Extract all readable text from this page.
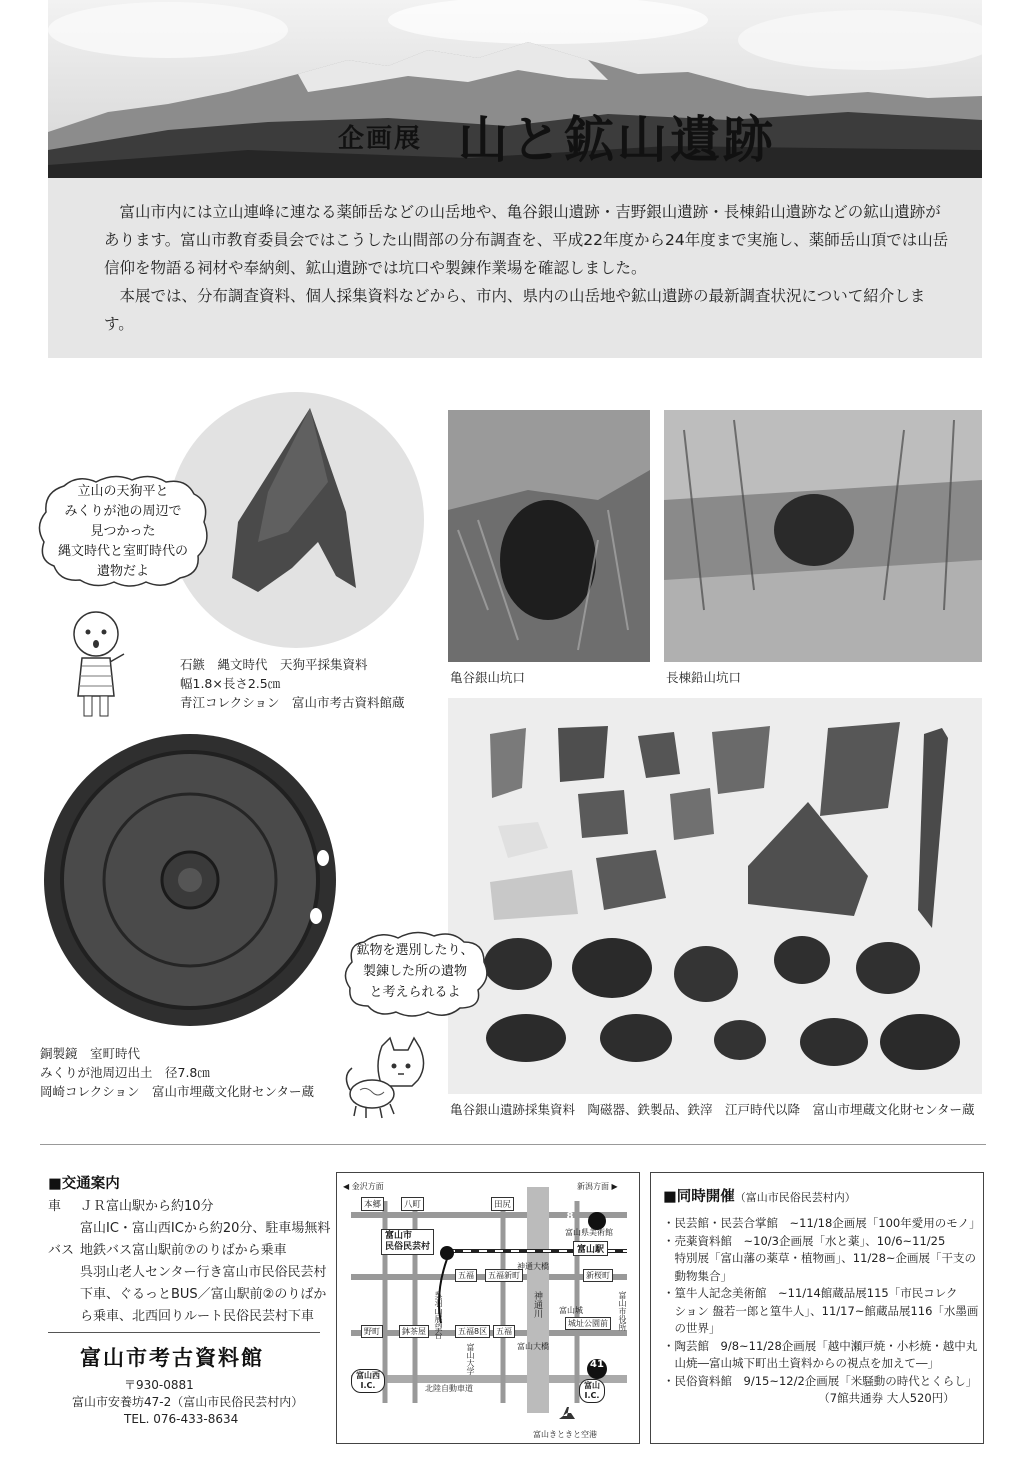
企画展 山と鉱山遺跡

富山市内には立山連峰に連なる薬師岳などの山岳地や、亀谷銀山遺跡・吉野銀山遺跡・長棟鉛山遺跡などの鉱山遺跡があります。富山市教育委員会ではこうした山間部の分布調査を、平成22年度から24年度まで実施し、薬師岳山頂では山岳信仰を物語る祠材や奉納剣、鉱山遺跡では坑口や製錬作業場を確認しました。

本展では、分布調査資料、個人採集資料などから、市内、県内の山岳地や鉱山遺跡の最新調査状況について紹介します。

立山の天狗平と
みくりが池の周辺で
見つかった
縄文時代と室町時代の
遺物だよ
石鏃　縄文時代　天狗平採集資料
幅1.8×長さ2.5㎝
青江コレクション　富山市考古資料館蔵
亀谷銀山坑口	長棟鉛山坑口
銅製鏡　室町時代
みくりが池周辺出土　径7.8㎝
岡崎コレクション　富山市埋蔵文化財センター蔵
鉱物を選別したり、
製錬した所の遺物
と考えられるよ
亀谷銀山遺跡採集資料　陶磁器、鉄製品、鉄滓　江戸時代以降　富山市埋蔵文化財センター蔵
■交通案内
車 ＪＲ富山駅から約10分
富山IC・富山西ICから約20分、駐車場無料
バス 地鉄バス富山駅前⑦のりばから乗車
呉羽山老人センター行き富山市民俗民芸村
下車、ぐるっとBUS／富山駅前②のりばか
ら乗車、北西回りルート民俗民芸村下車
富山市考古資料館
〒930-0881
富山市安養坊47-2（富山市民俗民芸村内）
TEL. 076-433-8634
◀ 金沢方面	新潟方面 ▶
本郷	八町	田尻
8
富山市
民俗民芸村
富山県美術館
富山駅
五福	五福新町
神通大橋
新桜町
呉羽山展望台	神通川 富山城
城址公園前	富山市役所
野町	鉢茶屋	五福8区	五福
富山大橋
富山大学	41
富山西
I.C.	富山
I.C.
北陸自動車道
富山きときと空港
■同時開催（富山市民俗民芸村内）
・民芸館・民芸合掌館　~11/18企画展「100年愛用のモノ」
・売薬資料館　~10/3企画展「水と薬」、10/6~11/25
　特別展「富山藩の薬草・植物画」、11/28~企画展「干支の
　動物集合」
・篁牛人記念美術館　~11/14館蔵品展115「市民コレク
　ション 盤若一郎と篁牛人」、11/17~館蔵品展116「水墨画
　の世界」
・陶芸館　9/8~11/28企画展「越中瀬戸焼・小杉焼・越中丸
　山焼―富山城下町出土資料からの視点を加えて―」
・民俗資料館　9/15~12/2企画展「米騒動の時代とくらし」
　　　　　　　　　　　　　　（7館共通券 大人520円）
